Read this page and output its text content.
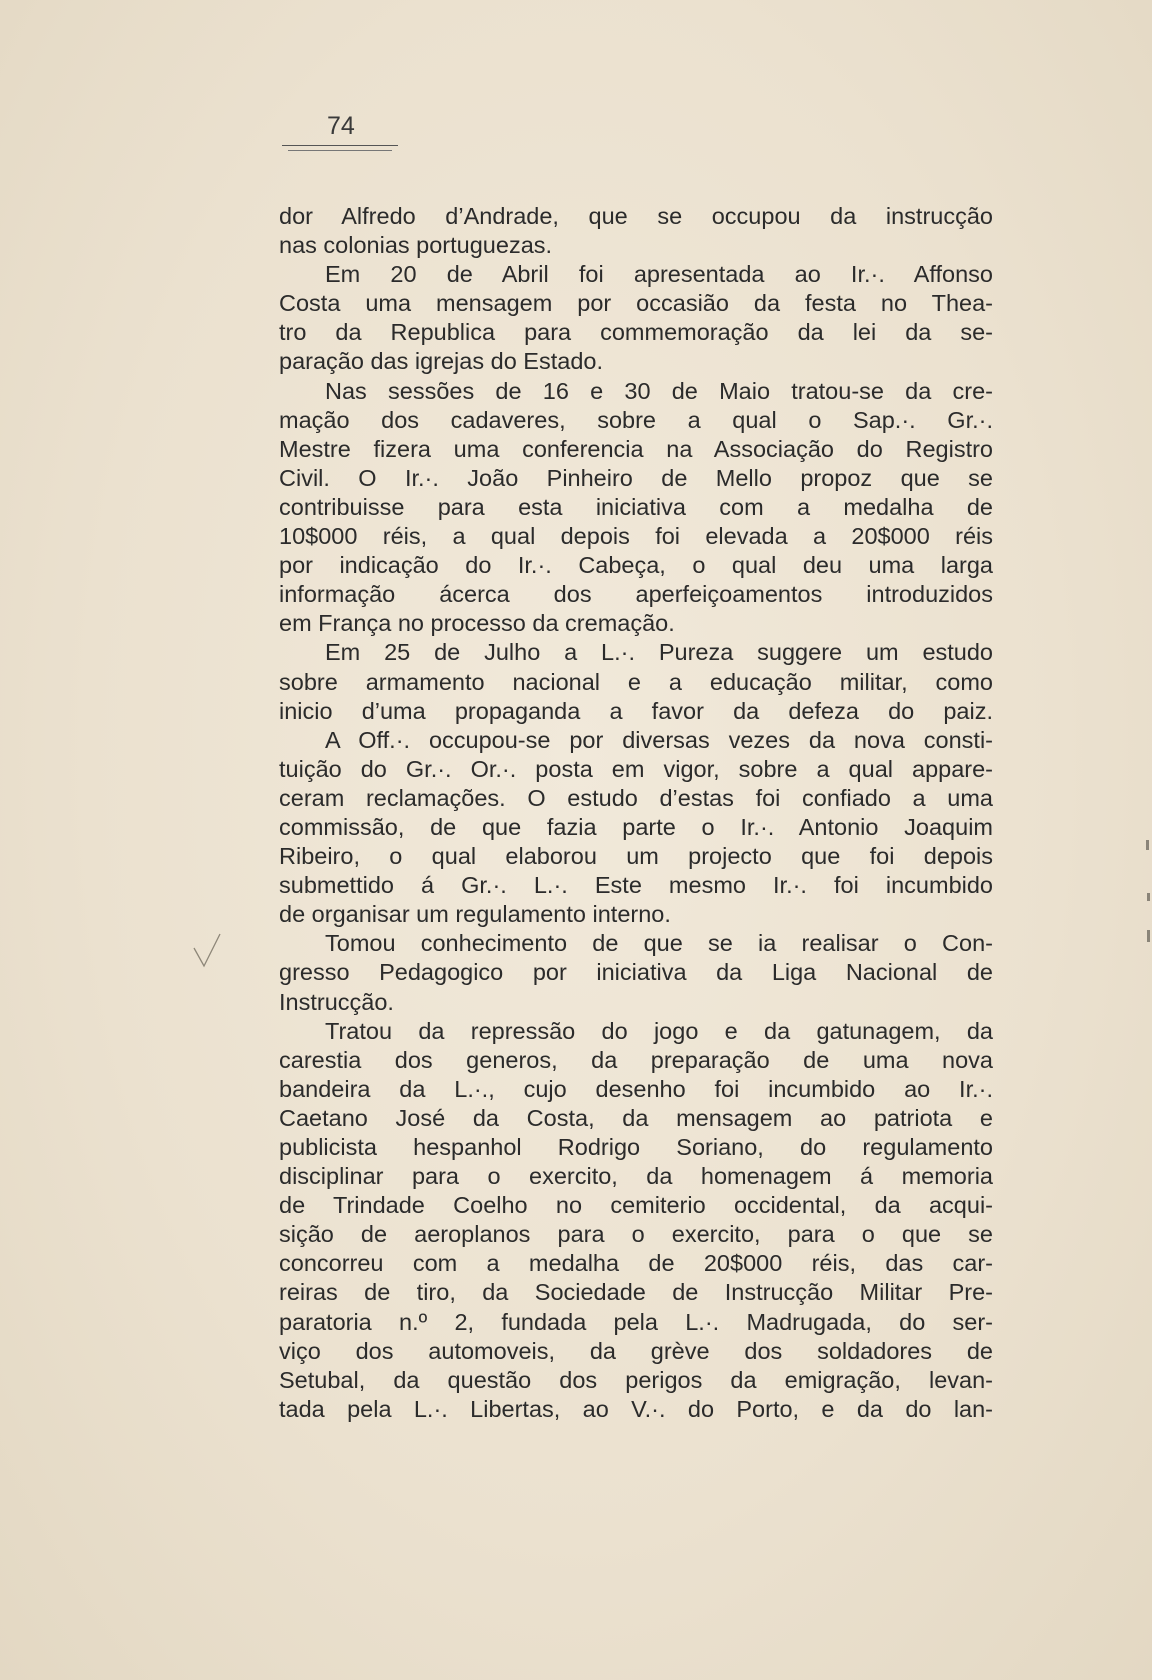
74
dor Alfredo d’Andrade, que se occupou da instrucção
nas colonias portuguezas.
Em 20 de Abril foi apresentada ao Ir.·. Affonso
Costa uma mensagem por occasião da festa no Thea-
tro da Republica para commemoração da lei da se-
paração das igrejas do Estado.
Nas sessões de 16 e 30 de Maio tratou-se da cre-
mação dos cadaveres, sobre a qual o Sap.·. Gr.·.
Mestre fizera uma conferencia na Associação do Registro
Civil. O Ir.·. João Pinheiro de Mello propoz que se
contribuisse para esta iniciativa com a medalha de
10$000 réis, a qual depois foi elevada a 20$000 réis
por indicação do Ir.·. Cabeça, o qual deu uma larga
informação ácerca dos aperfeiçoamentos introduzidos
em França no processo da cremação.
Em 25 de Julho a L.·. Pureza suggere um estudo
sobre armamento nacional e a educação militar, como
inicio d’uma propaganda a favor da defeza do paiz.
A Off.·. occupou-se por diversas vezes da nova consti-
tuição do Gr.·. Or.·. posta em vigor, sobre a qual appare-
ceram reclamações. O estudo d’estas foi confiado a uma
commissão, de que fazia parte o Ir.·. Antonio Joaquim
Ribeiro, o qual elaborou um projecto que foi depois
submettido á Gr.·. L.·. Este mesmo Ir.·. foi incumbido
de organisar um regulamento interno.
Tomou conhecimento de que se ia realisar o Con-
gresso Pedagogico por iniciativa da Liga Nacional de
Instrucção.
Tratou da repressão do jogo e da gatunagem, da
carestia dos generos, da preparação de uma nova
bandeira da L.·., cujo desenho foi incumbido ao Ir.·.
Caetano José da Costa, da mensagem ao patriota e
publicista hespanhol Rodrigo Soriano, do regulamento
disciplinar para o exercito, da homenagem á memoria
de Trindade Coelho no cemiterio occidental, da acqui-
sição de aeroplanos para o exercito, para o que se
concorreu com a medalha de 20$000 réis, das car-
reiras de tiro, da Sociedade de Instrucção Militar Pre-
paratoria n.º 2, fundada pela L.·. Madrugada, do ser-
viço dos automoveis, da grève dos soldadores de
Setubal, da questão dos perigos da emigração, levan-
tada pela L.·. Libertas, ao V.·. do Porto, e da do lan-
